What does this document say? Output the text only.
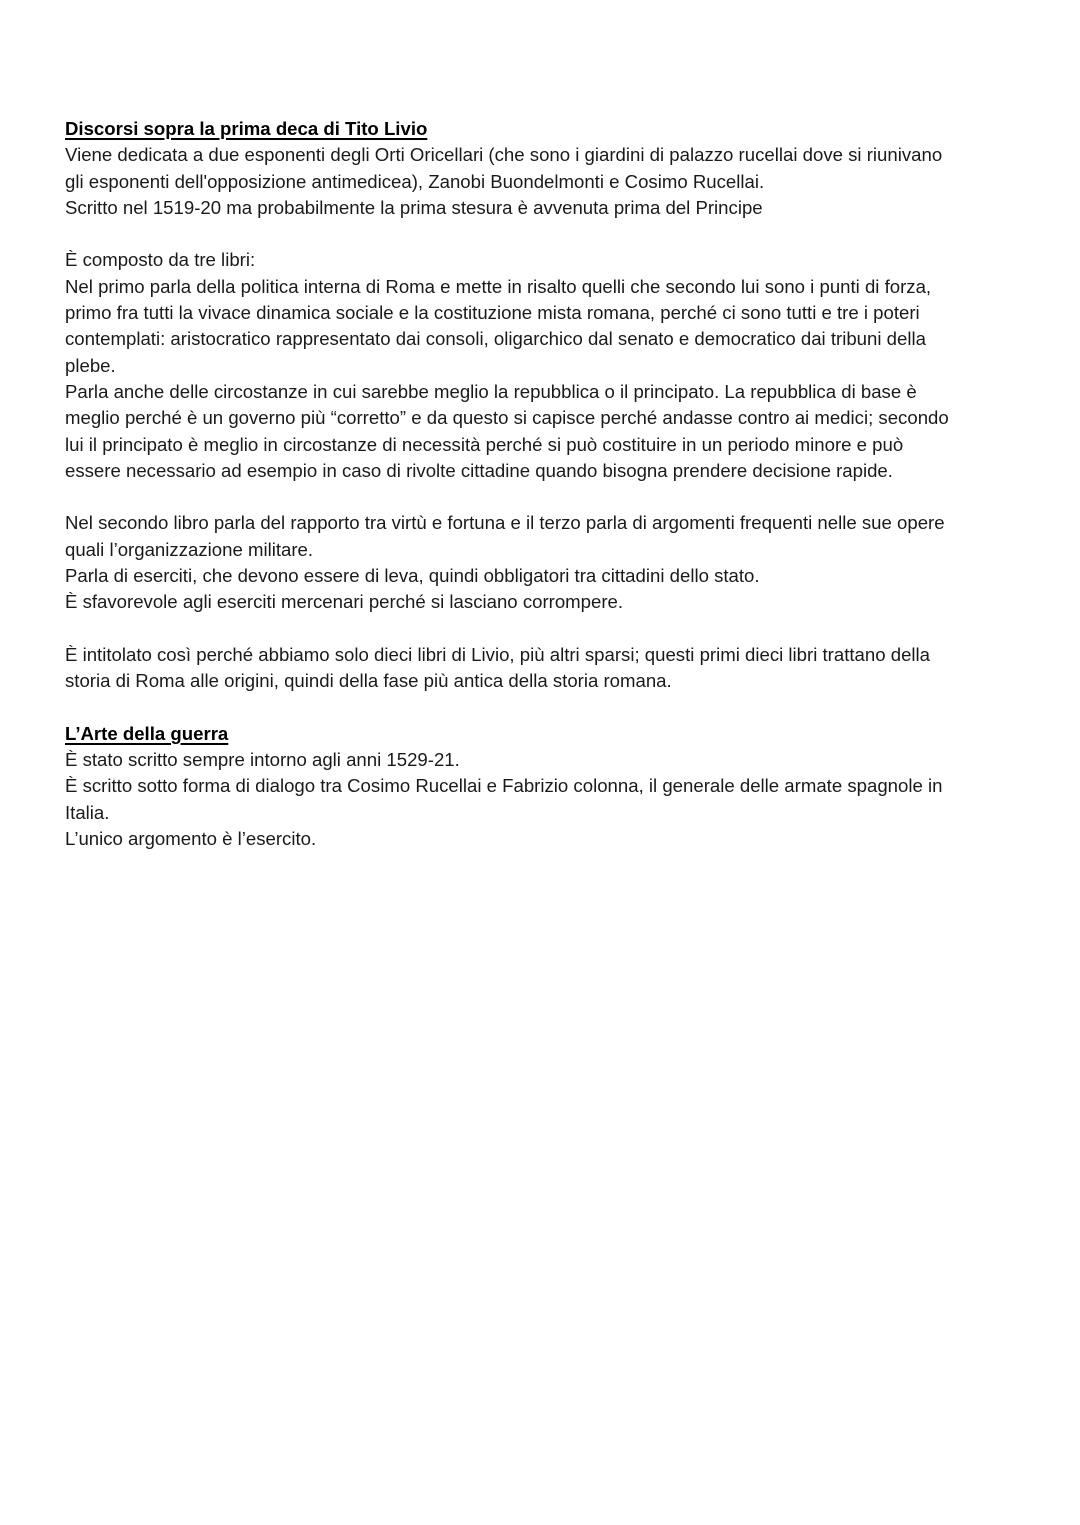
Discorsi sopra la prima deca di Tito Livio
Viene dedicata a due esponenti degli Orti Oricellari (che sono i giardini di palazzo rucellai dove si riunivano
gli esponenti dell'opposizione antimedicea), Zanobi Buondelmonti e Cosimo Rucellai.
Scritto nel 1519-20 ma probabilmente la prima stesura è avvenuta prima del Principe
È composto da tre libri:
Nel primo parla della politica interna di Roma e mette in risalto quelli che secondo lui sono i punti di forza,
primo fra tutti la vivace dinamica sociale e la costituzione mista romana, perché ci sono tutti e tre i poteri
contemplati: aristocratico rappresentato dai consoli, oligarchico dal senato e democratico dai tribuni della
plebe.
Parla anche delle circostanze in cui sarebbe meglio la repubblica o il principato. La repubblica di base è
meglio perché è un governo più “corretto” e da questo si capisce perché andasse contro ai medici; secondo
lui il principato è meglio in circostanze di necessità perché si può costituire in un periodo minore e può
essere necessario ad esempio in caso di rivolte cittadine quando bisogna prendere decisione rapide.
Nel secondo libro parla del rapporto tra virtù e fortuna e il terzo parla di argomenti frequenti nelle sue opere
quali l’organizzazione militare.
Parla di eserciti, che devono essere di leva, quindi obbligatori tra cittadini dello stato.
È sfavorevole agli eserciti mercenari perché si lasciano corrompere.
È intitolato così perché abbiamo solo dieci libri di Livio, più altri sparsi; questi primi dieci libri trattano della
storia di Roma alle origini, quindi della fase più antica della storia romana.
L’Arte della guerra
È stato scritto sempre intorno agli anni 1529-21.
È scritto sotto forma di dialogo tra Cosimo Rucellai e Fabrizio colonna, il generale delle armate spagnole in
Italia.
L’unico argomento è l’esercito.
